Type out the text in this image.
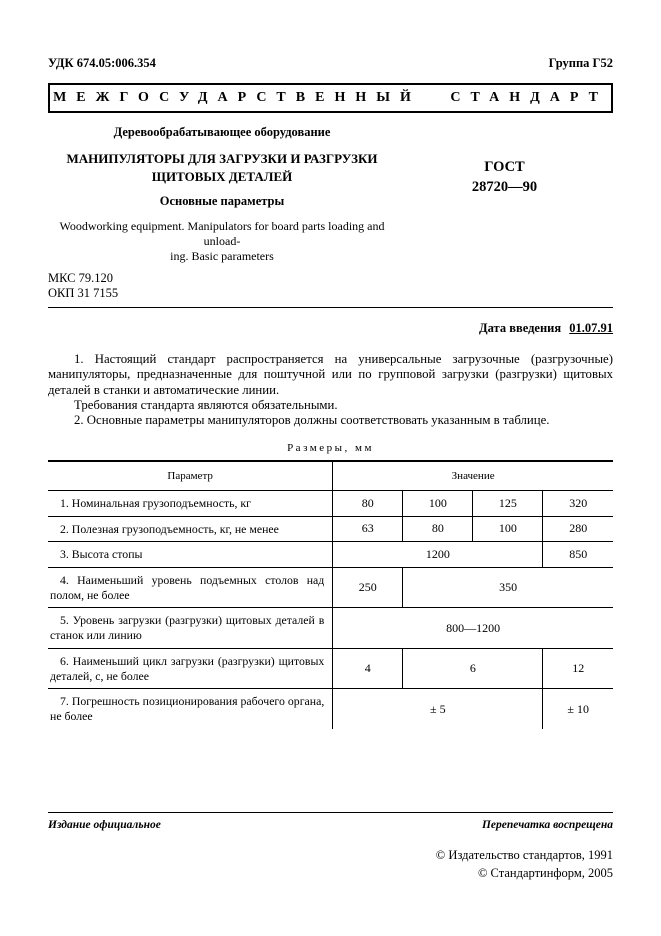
УДК 674.05:006.354	Группа Г52
МЕЖГОСУДАРСТВЕННЫЙ СТАНДАРТ
Деревообрабатывающее оборудование
МАНИПУЛЯТОРЫ ДЛЯ ЗАГРУЗКИ И РАЗГРУЗКИ
ЩИТОВЫХ ДЕТАЛЕЙ
Основные параметры
Woodworking equipment. Manipulators for board parts loading and unload-
ing. Basic parameters
ГОСТ
28720—90
МКС 79.120
ОКП 31 7155
Дата введения 01.07.91

1. Настоящий стандарт распространяется на универсальные загрузочные (разгрузочные) манипуляторы, предназначенные для поштучной или по групповой загрузки (разгрузки) щитовых деталей в станки и автоматические линии.

Требования стандарта являются обязательными.

2. Основные параметры манипуляторов должны соответствовать указанным в таблице.

Размеры, мм
Параметр	Значение			
1. Номинальная грузоподъемность, кг	80	100	125	320
2. Полезная грузоподъемность, кг, не менее	63	80	100	280
3. Высота стопы	1200			850
4. Наименьший уровень подъемных столов над полом, не более	250	350		
5. Уровень загрузки (разгрузки) щитовых деталей в станок или линию	800—1200			
6. Наименьший цикл загрузки (разгрузки) щитовых деталей, с, не более	4	6		12
7. Погрешность позиционирования рабочего органа, не более	± 5			± 10
Издание официальное	Перепечатка воспрещена
© Издательство стандартов, 1991
© Стандартинформ, 2005
